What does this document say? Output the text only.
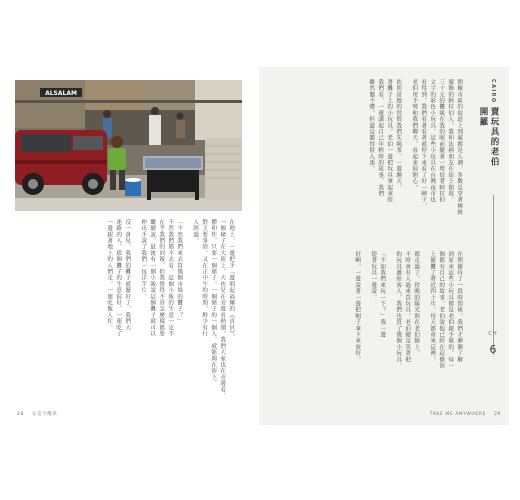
ALSALAM
在地上，一邊把手「邊唱起福爾的《真員》，
一個豬子在大街上，大伙兒在旁邊看熱鬧，我們大家也在旁邊看，
體和作，只要一個豬子，一個豬子的一個人，就能夠在街上，
對主要事情，又在正中午的時間，鮮少有行
人經過。
「不然我們來去買幾個市場的攤子？」
不然我們都不去看，這個小販的生意一定不
在乎我們的回報，但我覺得不管怎麼樣都要
繼續說，最後有一個小販說這個攤子就可以
伸出手說了我們一包洋芋片。
沒一會兒，我們的攤子就擺好了，我們大
迷路的人，那個攤子的生意很好，一連吃了
一邊跟著地上的人們走，一連吃飯人住。
28 在這不醒來
CAIRO
開羅 賣玩具的老伯
CH
6
開羅市區的街道上到處都是人潮，多數是穿著傳統
服飾的阿拉伯人，我和法國朋友在街上閒逛，
三十元的攤販在我的眼前擺著一堆寫著阿拉伯
文字的彩色小玩具，這些小玩具在台灣夜市也
看得到，我們看著看著就停下來看了好一陣子，
老伯用手勢和我們聊天，看起來很開心。
依照當地的習慣我們先喝茶，一邊聊天，
著攤子上的小玩具，老伯一邊把玩具拿起來給
我們看，一邊講起自己年輕時的故事，我們
雖然聽不懂，但還是聽得很入迷。
在開羅待了一段時間後，我們才漸漸了解
到原來這些小玩具都是老伯親手做的，每一
個都有自己的故事，老伯說他已經在這條街
上擺攤了將近四十年，每天都會來這裡。
都走過了，傍晚的陽光照在老伯臉上，
不時會有人過來買玩具，老伯總是笑著把
的玩具遞給客人，我們也買了幾個小玩具。
「不如我們來玩一下？」我一邊
提著玩具一邊說。
好啊，一邊說著一邊把帽子拿下來放好。
TAKE ME ANYWHERE 29
